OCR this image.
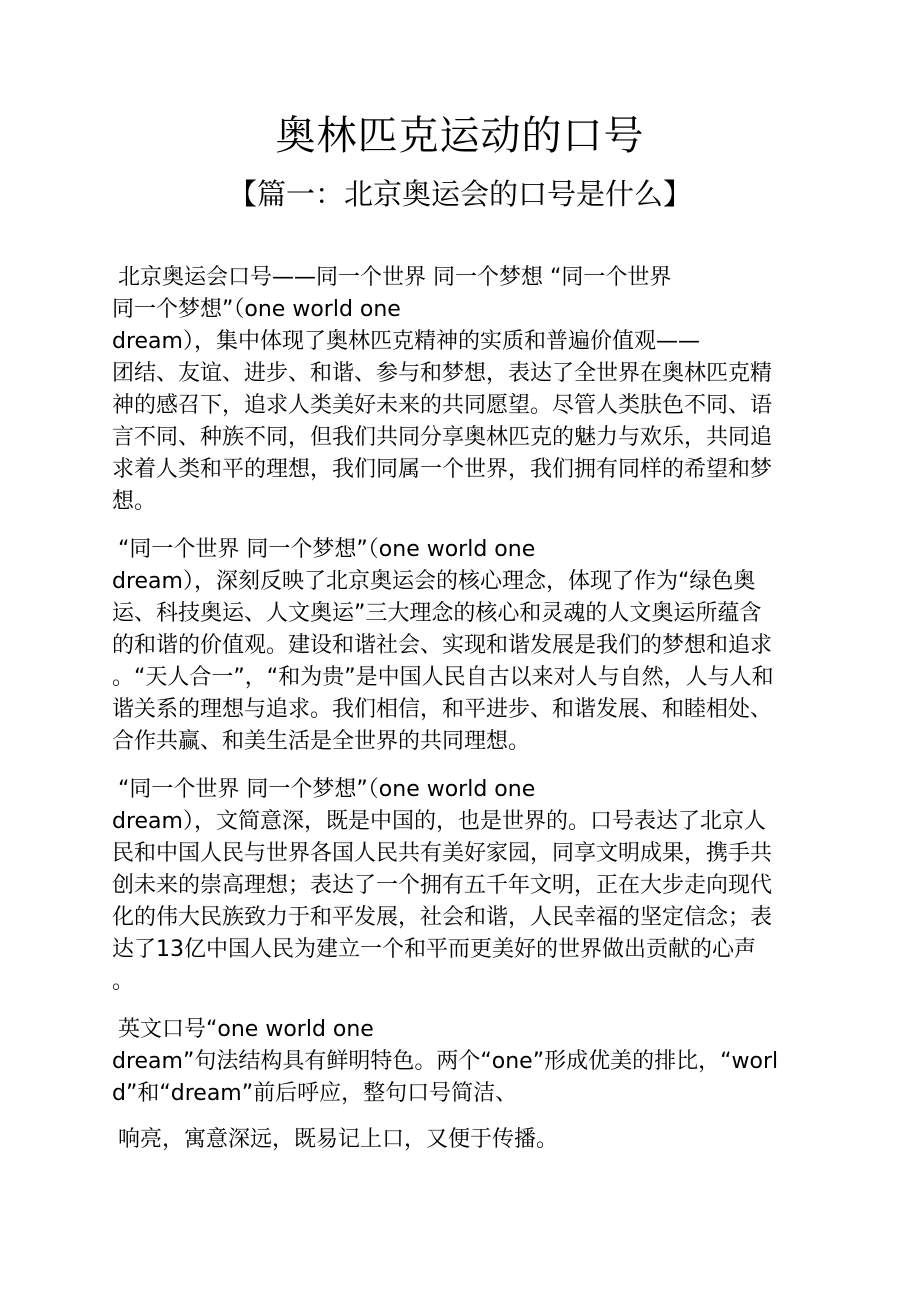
奥林匹克运动的口号
【篇一：北京奥运会的口号是什么】
北京奥运会口号——同一个世界 同一个梦想 “同一个世界
同一个梦想”（one world one
dream），集中体现了奥林匹克精神的实质和普遍价值观——
团结、友谊、进步、和谐、参与和梦想，表达了全世界在奥林匹克精
神的感召下，追求人类美好未来的共同愿望。尽管人类肤色不同、语
言不同、种族不同，但我们共同分享奥林匹克的魅力与欢乐，共同追
求着人类和平的理想，我们同属一个世界，我们拥有同样的希望和梦
想。
“同一个世界 同一个梦想”（one world one
dream），深刻反映了北京奥运会的核心理念，体现了作为“绿色奥
运、科技奥运、人文奥运”三大理念的核心和灵魂的人文奥运所蕴含
的和谐的价值观。建设和谐社会、实现和谐发展是我们的梦想和追求
。“天人合一”，“和为贵”是中国人民自古以来对人与自然，人与人和
谐关系的理想与追求。我们相信，和平进步、和谐发展、和睦相处、
合作共赢、和美生活是全世界的共同理想。
“同一个世界 同一个梦想”（one world one
dream），文简意深，既是中国的，也是世界的。口号表达了北京人
民和中国人民与世界各国人民共有美好家园，同享文明成果，携手共
创未来的崇高理想；表达了一个拥有五千年文明，正在大步走向现代
化的伟大民族致力于和平发展，社会和谐，人民幸福的坚定信念；表
达了13亿中国人民为建立一个和平而更美好的世界做出贡献的心声
。
英文口号“one world one
dream”句法结构具有鲜明特色。两个“one”形成优美的排比，“worl
d”和“dream”前后呼应，整句口号简洁、
响亮，寓意深远，既易记上口，又便于传播。
